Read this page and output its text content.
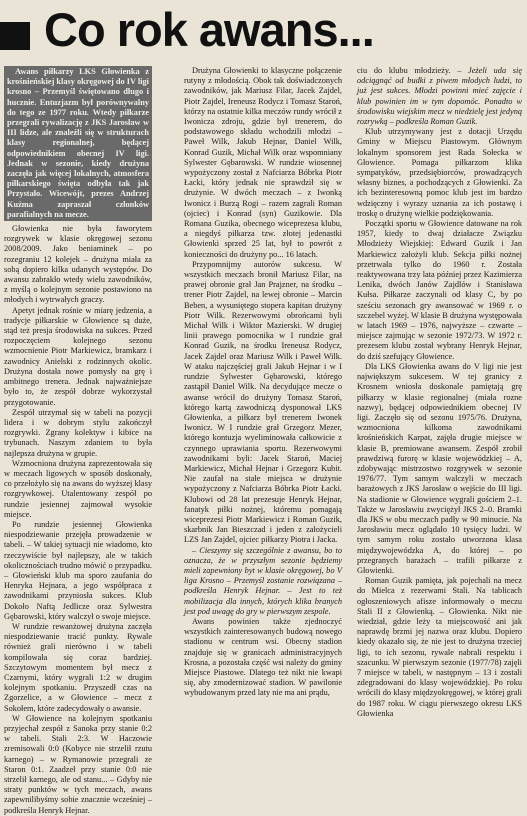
Co rok awans...

Awans piłkarzy LKS Głowienka z krośnieńskiej klasy okręgowej do IV ligi krosno – Przemyśl świętowano długo i hucznie. Entuzjazm był porównywalny do tego ze 1977 roku. Wtedy piłkarze przegrali rywalizację z JKS Jarosław w III lidze, ale znaleźli się w strukturach klasy regionalnej, będącej odpowiednikiem obecnej IV ligi. Jednak w sezonie, kiedy drużyna zaczęła jak więcej lokalnych, atmosfera piłkarskiego święta odbyła tak jak Przystało. Wicewójt, prezes Andrzej Kuźma zapraszał członków parafialnych na mecze.

Głowienka nie była faworytem rozgrywek w klasie okręgowej sezonu 2008/2009. Jako beniaminek – po rozegraniu 12 kolejek – drużyna miała za sobą dopiero kilka udanych występów. Do awansu zabrakło wtedy wielu zawodników, z myślą o kolejnym sezonie postawiono na młodych i wytrwałych graczy.

Apetyt jednak rośnie w miarę jedzenia, a tradycje piłkarskie w Głowience są duże, stąd też presja środowiska na sukces. Przed rozpoczęciem kolejnego sezonu wzmocnienie Piotr Markiewicz, bramkarz i zawodnicy Anielski z rodzinnych okolic. Drużyna dostała nowe pomysły na grę i ambitnego trenera. Jednak najważniejsze było to, że zespół dobrze wykorzystał przygotowanie.

Zespół utrzymał się w tabeli na pozycji lidera i w dobrym stylu zakończył rozgrywki. Zgrany kolektyw i kibice na trybunach. Naszym zdaniem to była najlepsza drużyna w grupie.

Wzmocniona drużyna zaprezentowała się w meczach ligowych w sposób doskonały, co przełożyło się na awans do wyższej klasy rozgrywkowej. Utalentowany zespół po rundzie jesiennej zajmował wysokie miejsce.

Po rundzie jesiennej Głowienka niespodziewanie przejęła prowadzenie w tabeli. – W takiej sytuacji nie wiadomo, kto rzeczywiście był najlepszy, ale w takich okolicznościach trudno mówić o przypadku. – Głowieński klub ma sporo zaufania do Henryka Hejnara, a jego współpraca z zawodnikami przyniosła sukces. Klub Dokoło Naftą Jedlicze oraz Sylwestra Gębarowski, który walczył o swoje miejsce.

W rundzie rewanżowej drużyna zaczęła niespodziewanie tracić punkty. Rywale również grali nierówno i w tabeli kompilowała się coraz bardziej. Szczytowym momentem był mecz z Czarnymi, który wygrali 1:2 w drugim kolejnym spotkaniu. Przyszedł czas na Zgorzelice, a w Głowience – mecz z Sokołem, które zadecydowały o awansie.

W Głowience na kolejnym spotkaniu przyjechał zespół z Sanoka przy stanie 0:2 w tabeli. Stali 2:3. W Haczowie zremisowali 0:0 (Kobyce nie strzelił rzutu karnego) – w Rymanowie przegrali ze Staron 0:1. Zaadzeł przy stanie 0:0 nie strzelił karnego, ale od stanu... – Gdyby nie straty punktów w tych meczach, awans zapewnilibyśmy sobie znacznie wcześniej – podkreśla Henryk Hejnar.

Drużyna Głowienki to klasyczne połączenie rutyny z młodością. Obok tak doświadczonych zawodników, jak Mariusz Filar, Jacek Zajdel, Piotr Zajdel, Ireneusz Rodycz i Tomasz Staroń, którzy na ostatnie kilka meczów rundy wrócił z Iwonicza zdroju, gdzie był trenerem, do podstawowego składu wchodzili młodzi – Paweł Wilk, Jakub Hejnar, Daniel Wilk, Konrad Guzik, Michał Wilk oraz wspomniany Sylwester Gębarowski. W rundzie wiosennej wypożyczony został z Nafciarza Bóbrka Piotr Łacki, który jednak nie sprawdził się w drużynie. W dwóch meczach – z Iwonką Iwonicz i Burzą Rogi – razem zagrali Roman (ojciec) i Konrad (syn) Guzikowie. Dla Romana Guzika, obecnego wiceprezesa klubu, a niegdyś piłkarza tzw. złotej jedenastki Głowienki sprzed 25 lat, był to powrót z konieczności do drużyny po... 16 latach.

Przypomnijmy autorów sukcesu. W wszystkich meczach bronił Mariusz Filar, na prawej obronie grał Jan Prajzner, na środku – trener Piotr Zajdel, na lewej obronie – Marcin Beben, a wysuniętego stopera kapitan drużyny Piotr Wilk. Rezerwowymi obrońcami byli Michał Wilk i Wiktor Mazierski. W drugiej linii prawego pomocnika w I rundzie grał Konrad Guzik, na środku Ireneusz Rodycz, Jacek Zajdel oraz Mariusz Wilk i Paweł Wilk. W ataku najczęściej grali Jakub Hejnar i w I rundzie Sylwester Gębarowski, którego zastąpił Daniel Wilk. Na decydujące mecze o awanse wrócił do drużyny Tomasz Staroń, którego kartą zawodniczą dysponował LKS Głowienka, a piłkarz był trenerem Iwonek Iwonicz. W I rundzie grał Grzegorz Mezer, którego kontuzja wyeliminowała całkowicie z czynnego uprawiania sportu. Rezerwowymi zawodnikami byli: Jacek Staroń, Maciej Markiewicz, Michał Hejnar i Grzegorz Kubit. Nie zaufał na stałe miejsca w drużynie wypożyczony z Nafciarza Bóbrka Piotr Łacki. Klubowi od 28 lat prezesuje Henryk Hejnar, fanatyk piłki nożnej, któremu pomagają wiceprezesi Piotr Markiewicz i Roman Guzik, skarbnik Jan Bieszczad i jeden z założycieli LZS Jan Zajdel, ojciec piłkarzy Piotra i Jacka.

– Cieszymy się szczególnie z awansu, bo to oznacza, że w przyszłym sezonie będziemy mieli zapewniony byt w klasie okręgowej, bo V liga Krosno – Przemyśl zostanie rozwiązana – podkreśla Henryk Hejnar. – Jest to też mobilizacja dla innych, których klika branych jest pod uwagę do gry w pierwszym zespole.

Awans powinien także zjednoczyć wszystkich zainteresowanych budową nowego stadionu w centrum wsi. Obecny stadion znajduje się w granicach administracyjnych Krosna, a pozostała część wsi należy do gminy Miejsce Piastowe. Dlatego też nikt nie kwapi się, aby zmodernizować stadion. W pawilonie wybudowanym przed laty nie ma ani prądu,

ciu do klubu młodzieży. – Jeżeli uda się odciągnąć od budki z piwem młodych ludzi, to już jest sukces. Młodzi powinni mieć zajęcie i klub powinien im w tym dopomóc. Ponadto w środowisku wiejskim mecz w niedzielę jest jedyną rozrywką – podkreśla Roman Guzik.

Klub utrzymywany jest z dotacji Urzędu Gminy w Miejscu Piastowym. Głównym lokalnym sponsorem jest Rada Sołecka w Głowience. Pomaga piłkarzom klika sympatyków, przedsiębiorców, prowadzących własny biznes, a pochodzących z Głowienki. Za ich bezinteresowną pomoc klub jest im bardzo wdzięczny i wyrazy uznania za ich postawę i troskę o drużynę wielkie podziękowania.

Początki sportu w Głowience datowane na rok 1957, kiedy to dwaj działacze Związku Młodzieży Wiejskiej: Edward Guzik i Jan Markiewicz założyli klub. Sekcja piłki nożnej przetrwała tylko do 1960 r. Została reaktywowana trzy lata później przez Kazimierza Lenika, dwóch Janów Zajdlów i Stanisława Kułsa. Piłkarze zaczynali od klasy C, by po sześciu sezonach gry awansować w 1969 r. o szczebel wyżej. W klasie B drużyna występowała w latach 1969 – 1976, najwyższe – czwarte – miejsce zajmując w sezonie 1972/73. W 1972 r. prezesem klubu został wybrany Henryk Hejnar, do dziś szefujący Głowience.

Dla LKS Głowienka awans do V ligi nie jest największym sukcesem. W tej granicy z Krosnem wniosła doskonale pamiętają grę piłkarzy w klasie regionalnej (miała rozne nazwy), będącej odpowiednikiem obecnej IV ligi. Zaczęło się od sezonu 1975/76. Drużyna, wzmocniona kilkoma zawodnikami krośnieńskich Karpat, zajęła drugie miejsce w klasie B, premiowane awansem. Zespół zrobił prawdziwą furorę w klasie wojewódzkiej – A, zdobywając mistrzostwo rozgrywek w sezonie 1976/77. Tym samym walczyli w meczach barażowych z JKS Jarosław o wejście do III ligi. Na stadionie w Głowience wygrali gościem 2–1. Także w Jarosławiu zwyciężył JKS 2–0. Bramki dla JKS w obu meczach padły w 90 minucie. Na Jarosławiu mecz oglądało 10 tysięcy ludzi. W tym samym roku zostało utworzona klasa międzywojewódzka A, do której – po przegranych barażach – trafili piłkarze z Głowienki.

Roman Guzik pamięta, jak pojechali na mecz do Mielca z rezerwami Stali. Na tablicach ogłoszeniowych afisze informowały o meczu Stali II z Głowienką. – Głowienka. Nikt nie wiedział, gdzie leży ta miejscowość ani jak naprawdę brzmi jej nazwa oraz klubu. Dopiero kiedy okazało się, że nie jest to drużyna trzeciej ligi, to ich sezonu, rywale nabrali respektu i szacunku. W pierwszym sezonie (1977/78) zajęli 7 miejsce w tabeli, w następnym – 13 i zostali zdegradowani do klasy wojewódzkiej. Po roku wrócili do klasy międzyokręgowej, w której grali do 1987 roku. W ciągu pierwszego okresu LKS Głowienka
